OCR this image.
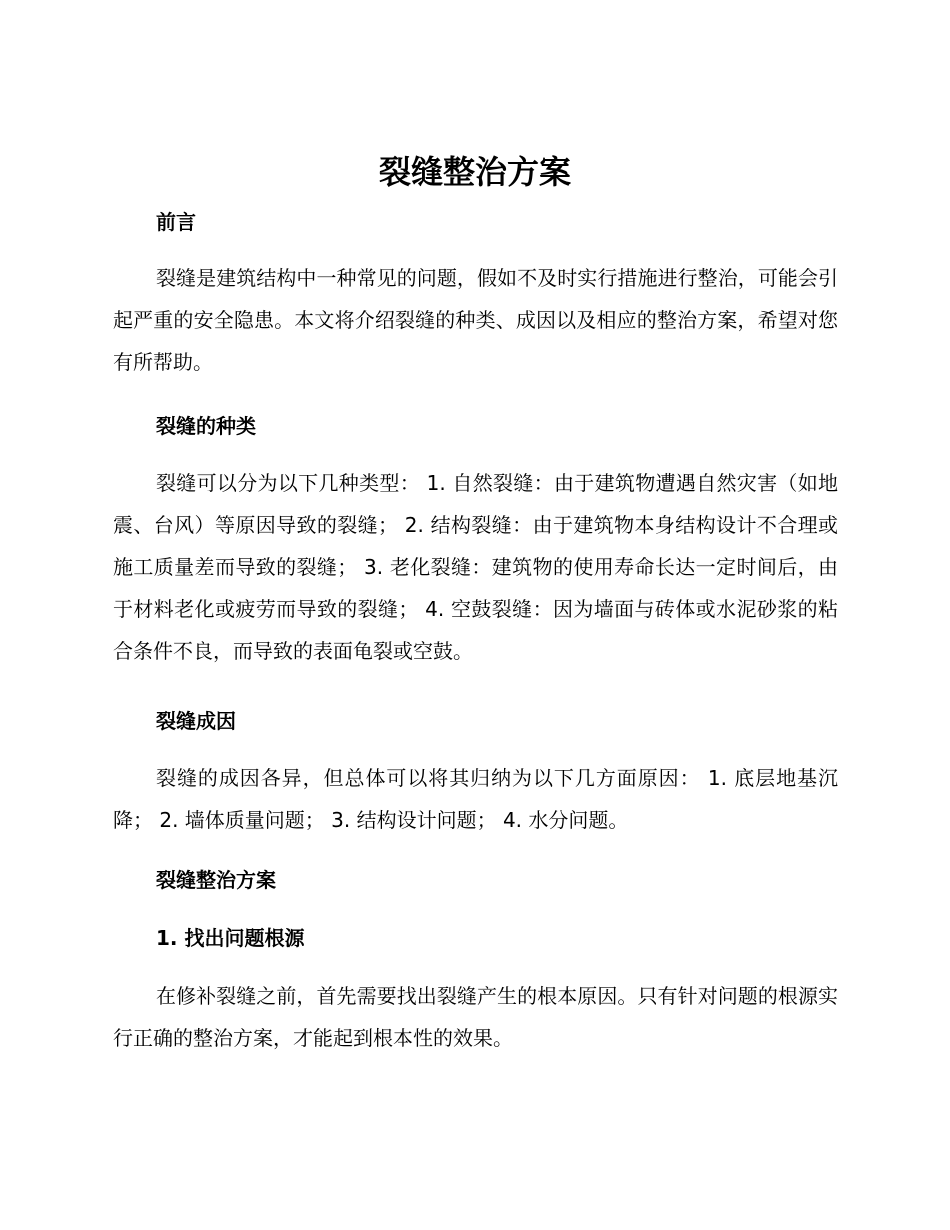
裂缝整治方案
前言
裂缝是建筑结构中一种常见的问题，假如不及时实行措施进行整治，可能会引起严重的安全隐患。本文将介绍裂缝的种类、成因以及相应的整治方案，希望对您有所帮助。
裂缝的种类
裂缝可以分为以下几种类型： 1. 自然裂缝：由于建筑物遭遇自然灾害（如地震、台风）等原因导致的裂缝； 2. 结构裂缝：由于建筑物本身结构设计不合理或施工质量差而导致的裂缝； 3. 老化裂缝：建筑物的使用寿命长达一定时间后，由于材料老化或疲劳而导致的裂缝； 4. 空鼓裂缝：因为墙面与砖体或水泥砂浆的粘合条件不良，而导致的表面龟裂或空鼓。
裂缝成因
裂缝的成因各异，但总体可以将其归纳为以下几方面原因： 1. 底层地基沉降； 2. 墙体质量问题； 3. 结构设计问题； 4. 水分问题。
裂缝整治方案
1. 找出问题根源
在修补裂缝之前，首先需要找出裂缝产生的根本原因。只有针对问题的根源实行正确的整治方案，才能起到根本性的效果。
